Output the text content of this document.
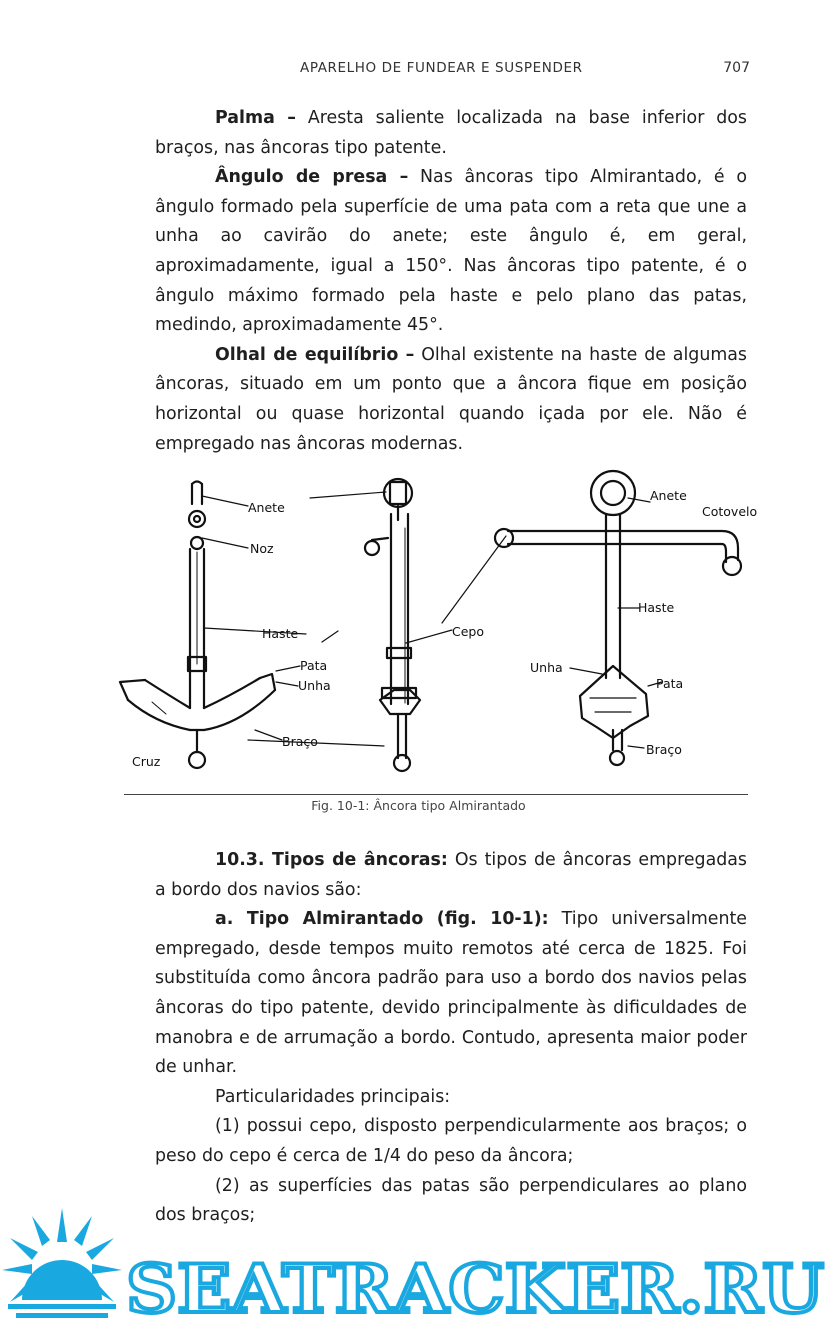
APARELHO DE FUNDEAR E SUSPENDER	707

Palma – Aresta saliente localizada na base inferior dos braços, nas âncoras tipo patente.

Ângulo de presa – Nas âncoras tipo Almirantado, é o ângulo formado pela superfície de uma pata com a reta que une a unha ao cavirão do anete; este ângulo é, em geral, aproximadamente, igual a 150°. Nas âncoras tipo patente, é o ângulo máximo formado pela haste e pelo plano das patas, medindo, aproximadamente 45°.

Olhal de equilíbrio – Olhal existente na haste de algumas âncoras, situado em um ponto que a âncora fique em posição horizontal ou quase horizontal quando içada por ele. Não é empregado nas âncoras modernas.

Anete
Noz
Haste
Pata
Unha
Braço
Cruz
Cepo
Anete
Cotovelo
Haste
Unha
Pata
Braço
Fig. 10-1: Âncora tipo Almirantado

10.3. Tipos de âncoras: Os tipos de âncoras empregadas a bordo dos navios são:

a. Tipo Almirantado (fig. 10-1): Tipo universalmente empregado, desde tempos muito remotos até cerca de 1825. Foi substituída como âncora padrão para uso a bordo dos navios pelas âncoras do tipo patente, devido principalmente às dificuldades de manobra e de arrumação a bordo. Contudo, apresenta maior poder de unhar.

Particularidades principais:

(1) possui cepo, disposto perpendicularmente aos braços; o peso do cepo é cerca de 1/4 do peso da âncora;

(2) as superfícies das patas são perpendiculares ao plano dos braços;

SEATRACKER.RU
